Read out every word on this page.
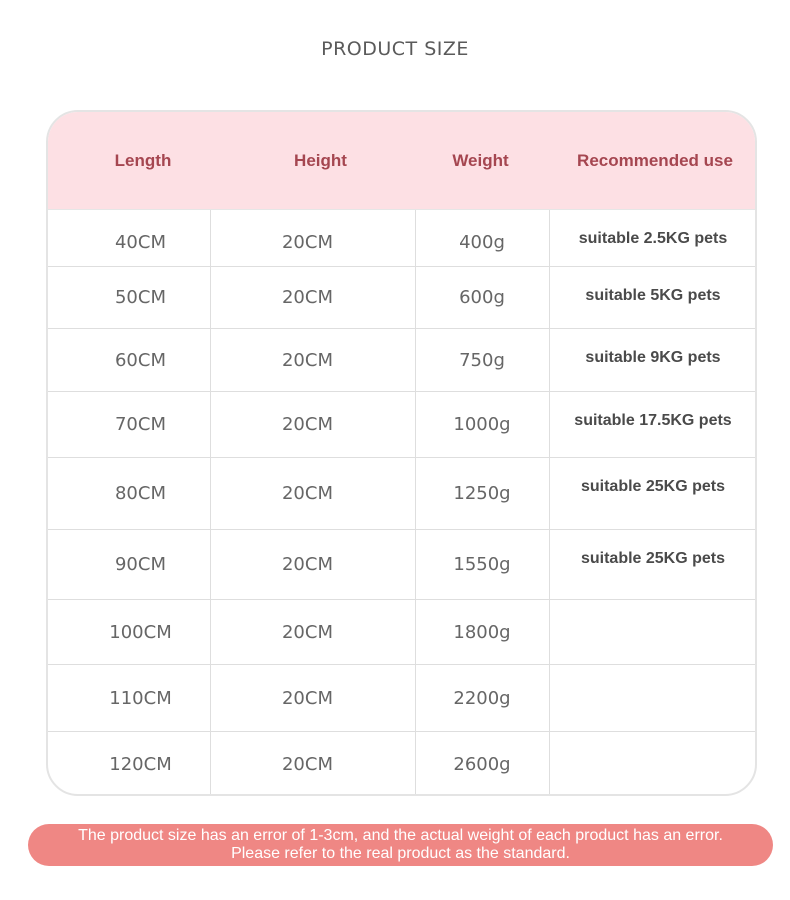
PRODUCT SIZE
Length	Height	Weight	Recommended use
40CM	20CM	400g	suitable 2.5KG pets
50CM	20CM	600g	suitable 5KG pets
60CM	20CM	750g	suitable 9KG pets
70CM	20CM	1000g	suitable 17.5KG pets
80CM	20CM	1250g	suitable 25KG pets
90CM	20CM	1550g	suitable 25KG pets
100CM	20CM	1800g
110CM	20CM	2200g
120CM	20CM	2600g
The product size has an error of 1-3cm, and the actual weight of each product has an error. Please refer to the real product as the standard.
